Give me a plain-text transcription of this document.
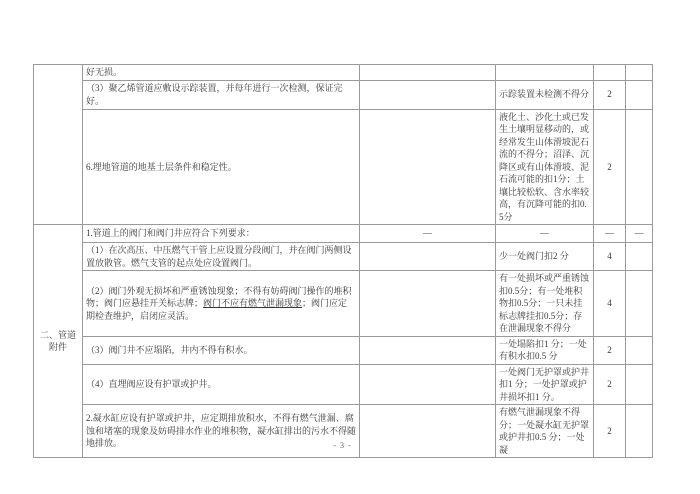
	好无损。				
	（3）聚乙烯管道应敷设示踪装置，并每年进行一次检测，保证完好。		示踪装置未检测不得分	2	
	6.埋地管道的地基土层条件和稳定性。		液化土、沙化土或已发生土壤明显移动的，或经常发生山体滑坡泥石流的不得分；沼泽、沉降区或有山体滑坡、泥石流可能的扣1分；土壤比较松软、含水率较高，有沉降可能的扣0.5分	2	
二、管道附件	1.管道上的阀门和阀门井应符合下列要求：	—	—	—	—
	（1）在次高压、中压燃气干管上应设置分段阀门，并在阀门两侧设置放散管。燃气支管的起点处应设置阀门。		少一处阀门扣2 分	4	
	（2）阀门外观无损坏和严重锈蚀现象；不得有妨碍阀门操作的堆积物；阀门应悬挂开关标志牌；阀门不应有燃气泄漏现象；阀门应定期检查维护，启闭应灵活。		有一处损坏或严重锈蚀扣0.5分；有一处堆积物扣0.5分；一只未挂标志牌挂扣0.5分；存在泄漏现象不得分	4	
	（3）阀门井不应塌陷，井内不得有积水。		一处塌陷扣1 分；一处有积水扣0.5 分	2	
	（4）直埋阀应设有护罩或护井。		一处阀门无护罩或护井扣1 分；一处护罩或护井损坏扣1 分。	2	
	2.凝水缸应设有护罩或护井，应定期排放积水，不得有燃气泄漏、腐蚀和堵塞的现象及妨碍排水作业的堆积物，凝水缸排出的污水不得随地排放。		有燃气泄漏现象不得分；一处凝水缸无护罩或护井扣0.5 分；一处凝	2	
- 3 -
